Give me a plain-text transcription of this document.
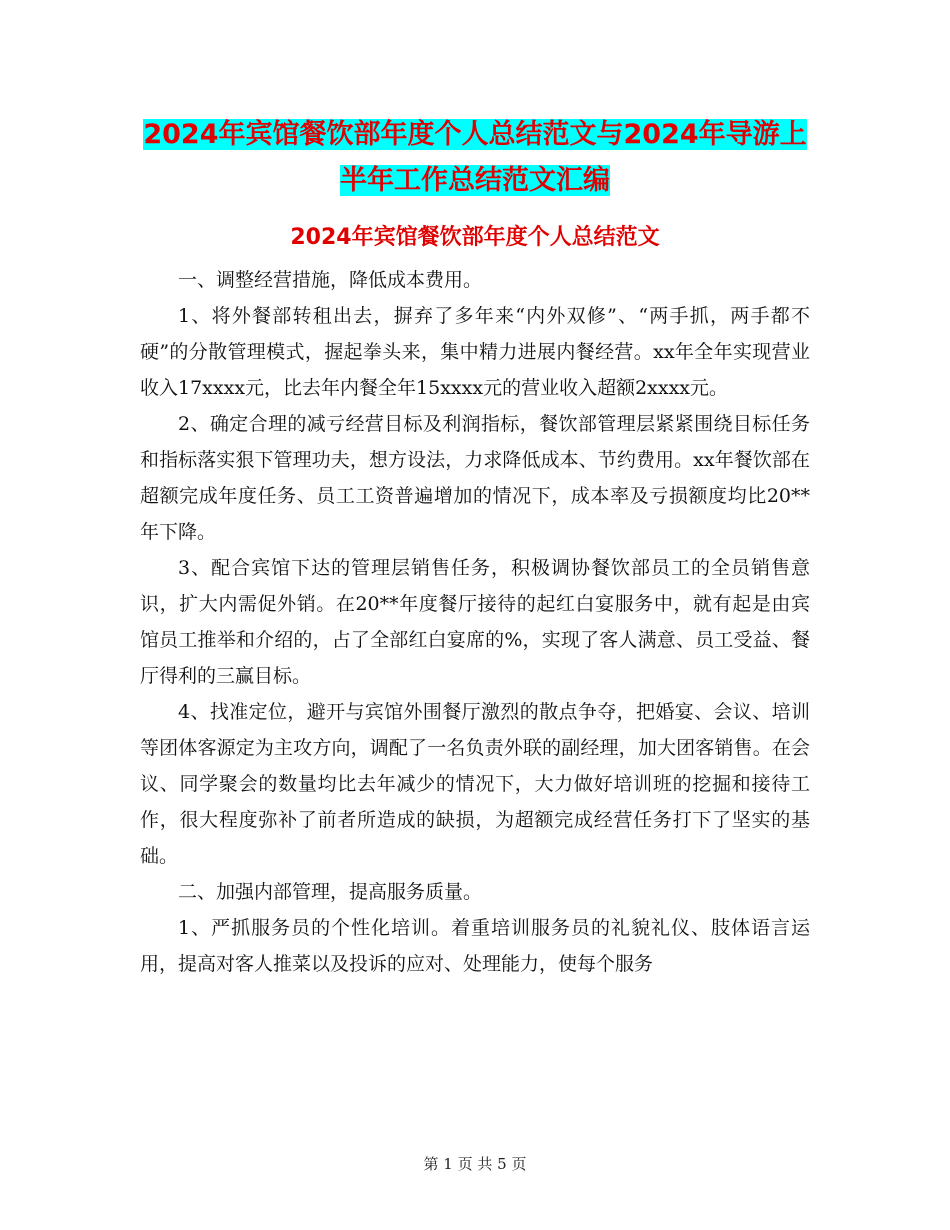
2024年宾馆餐饮部年度个人总结范文与2024年导游上
半年工作总结范文汇编
2024年宾馆餐饮部年度个人总结范文

一、调整经营措施，降低成本费用。

1、将外餐部转租出去，摒弃了多年来“内外双修”、“两手抓，两手都不硬”的分散管理模式，握起拳头来，集中精力进展内餐经营。xx年全年实现营业收入17xxxx元，比去年内餐全年15xxxx元的营业收入超额2xxxx元。

2、确定合理的减亏经营目标及利润指标，餐饮部管理层紧紧围绕目标任务和指标落实狠下管理功夫，想方设法，力求降低成本、节约费用。xx年餐饮部在超额完成年度任务、员工工资普遍增加的情况下，成本率及亏损额度均比20**年下降。

3、配合宾馆下达的管理层销售任务，积极调协餐饮部员工的全员销售意识，扩大内需促外销。在20**年度餐厅接待的起红白宴服务中，就有起是由宾馆员工推举和介绍的，占了全部红白宴席的%，实现了客人满意、员工受益、餐厅得利的三赢目标。

4、找准定位，避开与宾馆外围餐厅激烈的散点争夺，把婚宴、会议、培训等团体客源定为主攻方向，调配了一名负责外联的副经理，加大团客销售。在会议、同学聚会的数量均比去年减少的情况下，大力做好培训班的挖掘和接待工作，很大程度弥补了前者所造成的缺损，为超额完成经营任务打下了坚实的基础。

二、加强内部管理，提高服务质量。

1、严抓服务员的个性化培训。着重培训服务员的礼貌礼仪、肢体语言运用，提高对客人推菜以及投诉的应对、处理能力，使每个服务

第 1 页 共 5 页
